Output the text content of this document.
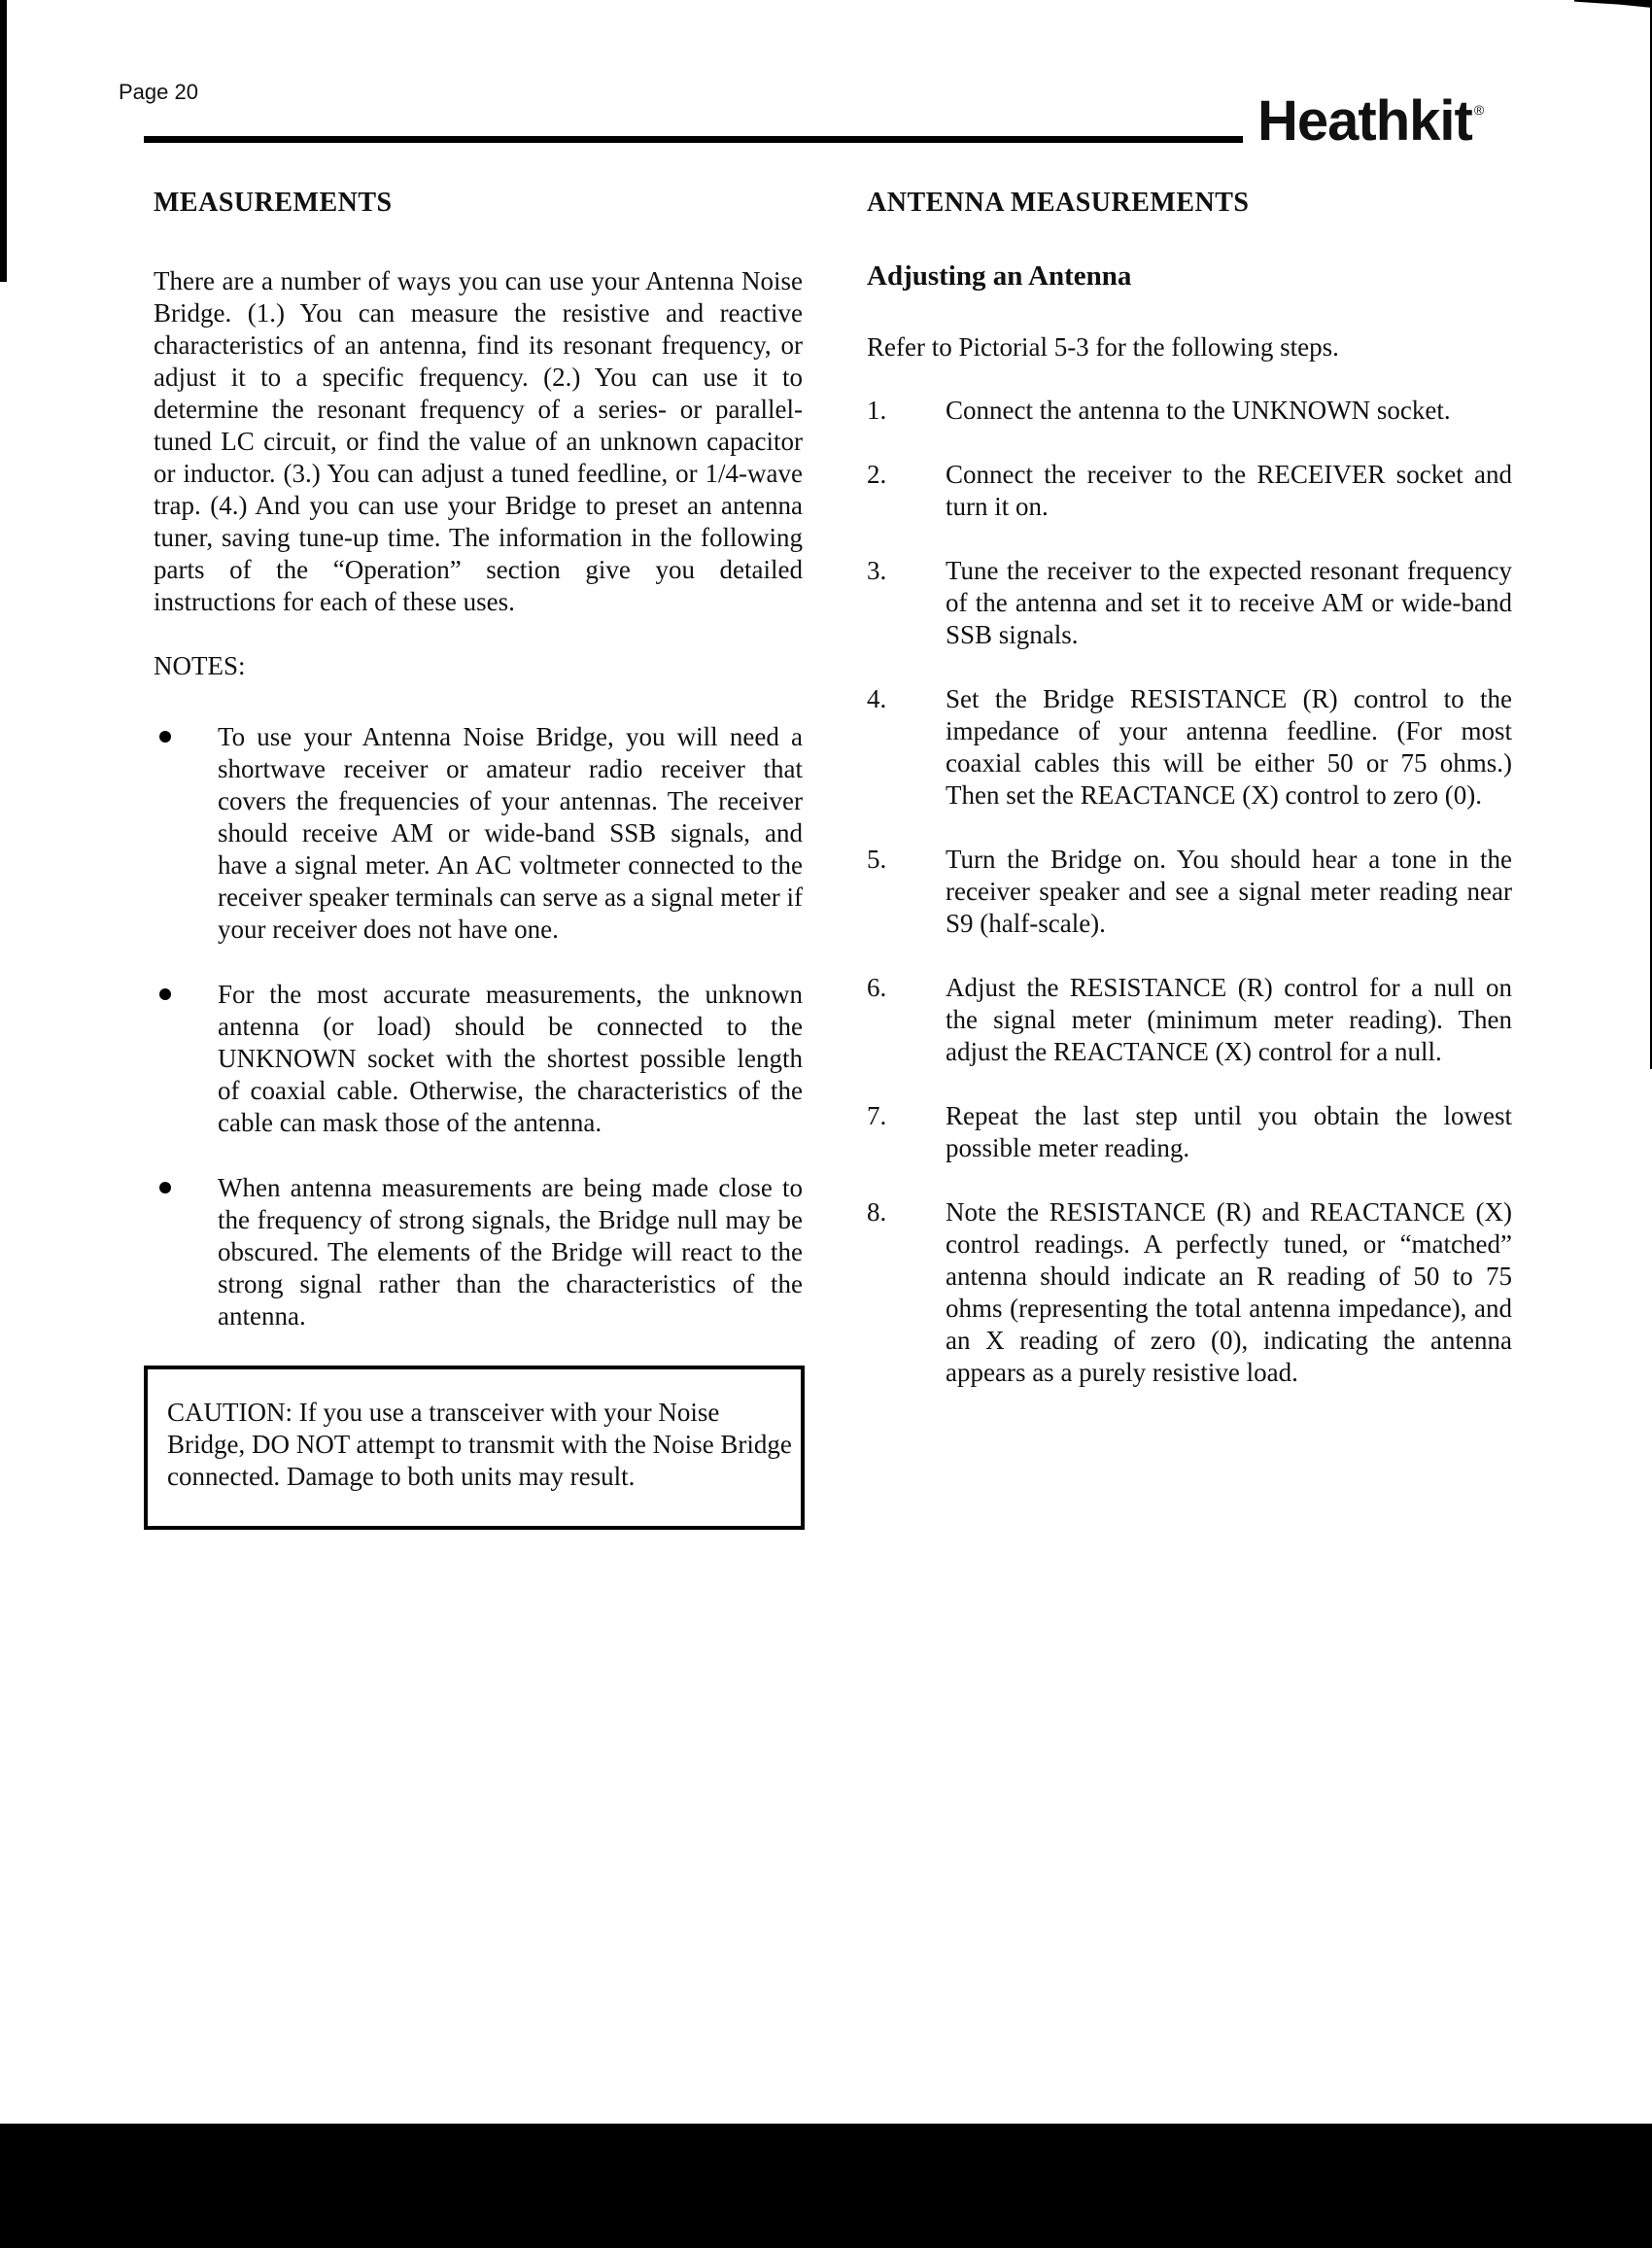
Page 20	Heathkit ®
MEASUREMENTS

There are a number of ways you can use your Antenna Noise Bridge. (1.) You can measure the resistive and reactive characteristics of an antenna, find its resonant frequency, or adjust it to a specific frequency. (2.) You can use it to determine the resonant frequency of a series- or parallel-tuned LC circuit, or find the value of an unknown capacitor or inductor. (3.) You can adjust a tuned feedline, or 1/4-wave trap. (4.) And you can use your Bridge to preset an antenna tuner, saving tune-up time. The information in the following parts of the “Operation” section give you detailed instructions for each of these uses.

NOTES:

To use your Antenna Noise Bridge, you will need a shortwave receiver or amateur radio receiver that covers the frequencies of your antennas. The receiver should receive AM or wide-band SSB signals, and have a signal meter. An AC voltmeter connected to the receiver speaker terminals can serve as a signal meter if your receiver does not have one.
For the most accurate measurements, the unknown antenna (or load) should be connected to the UNKNOWN socket with the shortest possible length of coaxial cable. Otherwise, the characteristics of the cable can mask those of the antenna.
When antenna measurements are being made close to the frequency of strong signals, the Bridge null may be obscured. The elements of the Bridge will react to the strong signal rather than the characteristics of the antenna.
CAUTION: If you use a transceiver with your Noise Bridge, DO NOT attempt to transmit with the Noise Bridge connected. Damage to both units may result.
ANTENNA MEASUREMENTS
Adjusting an Antenna

Refer to Pictorial 5-3 for the following steps.

1. Connect the antenna to the UNKNOWN socket.
2. Connect the receiver to the RECEIVER socket and turn it on.
3. Tune the receiver to the expected resonant frequency of the antenna and set it to receive AM or wide-band SSB signals.
4. Set the Bridge RESISTANCE (R) control to the impedance of your antenna feedline. (For most coaxial cables this will be either 50 or 75 ohms.) Then set the REACTANCE (X) control to zero (0).
5. Turn the Bridge on. You should hear a tone in the receiver speaker and see a signal meter reading near S9 (half-scale).
6. Adjust the RESISTANCE (R) control for a null on the signal meter (minimum meter reading). Then adjust the REACTANCE (X) control for a null.
7. Repeat the last step until you obtain the lowest possible meter reading.
8. Note the RESISTANCE (R) and REACTANCE (X) control readings. A perfectly tuned, or “matched” antenna should indicate an R reading of 50 to 75 ohms (representing the total antenna impedance), and an X reading of zero (0), indicating the antenna appears as a purely resistive load.
